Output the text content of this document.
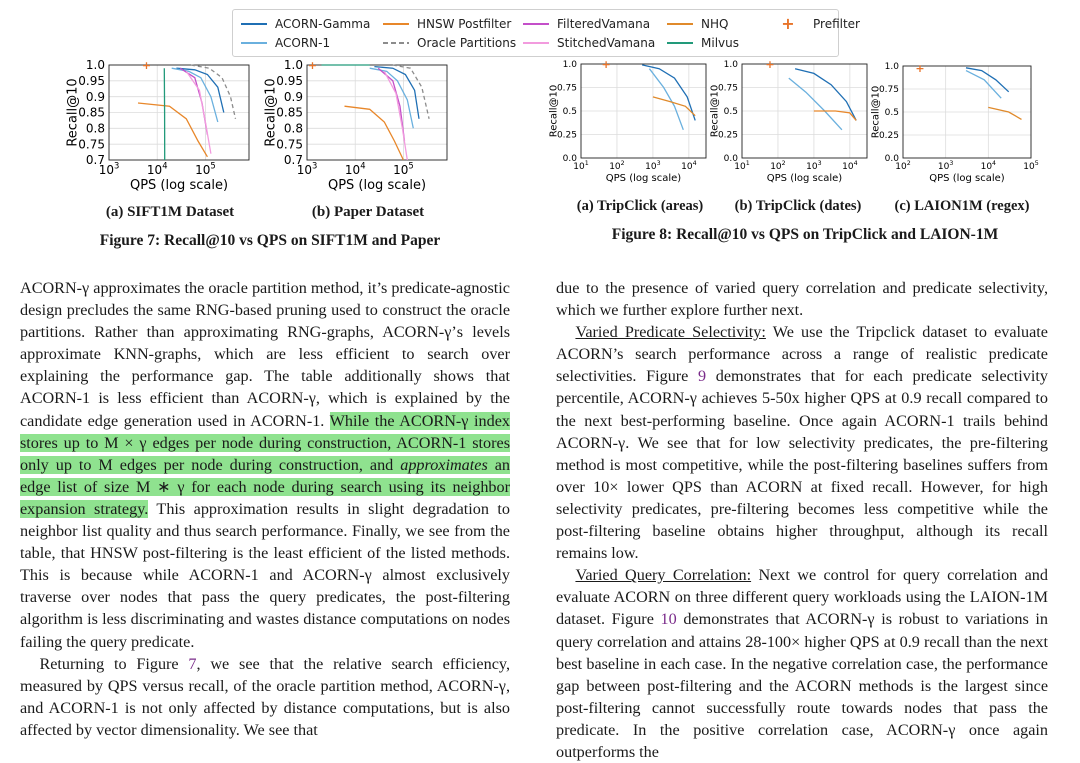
ACORN-Gamma
ACORN-1
HNSW Postfilter
Oracle Partitions
FilteredVamana
StitchedVamana
NHQ
Milvus
+ Prefilter
0.7
0.75
0.8
0.85
0.9
0.95
1.0
$10^3$ $10^4$ $10^5$
+
QPS (log scale)
Recall@10
0.7
0.75
0.8
0.85
0.9
0.95
1.0
$10^3$ $10^4$ $10^5$
+
QPS (log scale)
Recall@10
0.0
0.25
0.5
0.75
1.0
$10^1$ $10^2$ $10^3$ $10^4$
+
QPS (log scale)
Recall@10
0.0
0.25
0.5
0.75
1.0
$10^1$ $10^2$ $10^3$ $10^4$
+
QPS (log scale)
Recall@10
0.0
0.25
0.5
0.75
1.0
$10^2$	$10^3$	$10^4$	$10^5$
+
QPS (log scale)
Recall@10
(a) SIFT1M Dataset	(b) Paper Dataset
Figure 7: Recall@10 vs QPS on SIFT1M and Paper
(a) TripClick (areas)	(b) TripClick (dates)	(c) LAION1M (regex)
Figure 8: Recall@10 vs QPS on TripClick and LAION-1M

ACORN-γ approximates the oracle partition method, it’s predicate-agnostic design precludes the same RNG-based pruning used to construct the oracle partitions. Rather than approximating RNG-graphs, ACORN-γ’s levels approximate KNN-graphs, which are less efficient to search over explaining the performance gap. The table additionally shows that ACORN-1 is less efficient than ACORN-γ, which is explained by the candidate edge generation used in ACORN-1. While the ACORN-γ index stores up to M × γ edges per node during construction, ACORN-1 stores only up to M edges per node during construction, and approximates an edge list of size M ∗ γ for each node during search using its neighbor expansion strategy. This approximation results in slight degradation to neighbor list quality and thus search performance. Finally, we see from the table, that HNSW post-filtering is the least efficient of the listed methods. This is because while ACORN-1 and ACORN-γ almost exclusively traverse over nodes that pass the query predicates, the post-filtering algorithm is less discriminating and wastes distance computations on nodes failing the query predicate.

Returning to Figure 7, we see that the relative search efficiency, measured by QPS versus recall, of the oracle partition method, ACORN-γ, and ACORN-1 is not only affected by distance computations, but is also affected by vector dimensionality. We see that

due to the presence of varied query correlation and predicate selectivity, which we further explore further next.

Varied Predicate Selectivity: We use the Tripclick dataset to evaluate ACORN’s search performance across a range of realistic predicate selectivities. Figure 9 demonstrates that for each predicate selectivity percentile, ACORN-γ achieves 5-50x higher QPS at 0.9 recall compared to the next best-performing baseline. Once again ACORN-1 trails behind ACORN-γ. We see that for low selectivity predicates, the pre-filtering method is most competitive, while the post-filtering baselines suffers from over 10× lower QPS than ACORN at fixed recall. However, for high selectivity predicates, pre-filtering becomes less competitive while the post-filtering baseline obtains higher throughput, although its recall remains low.

Varied Query Correlation: Next we control for query correlation and evaluate ACORN on three different query workloads using the LAION-1M dataset. Figure 10 demonstrates that ACORN-γ is robust to variations in query correlation and attains 28-100× higher QPS at 0.9 recall than the next best baseline in each case. In the negative correlation case, the performance gap between post-filtering and the ACORN methods is the largest since post-filtering cannot successfully route towards nodes that pass the predicate. In the positive correlation case, ACORN-γ once again outperforms the
